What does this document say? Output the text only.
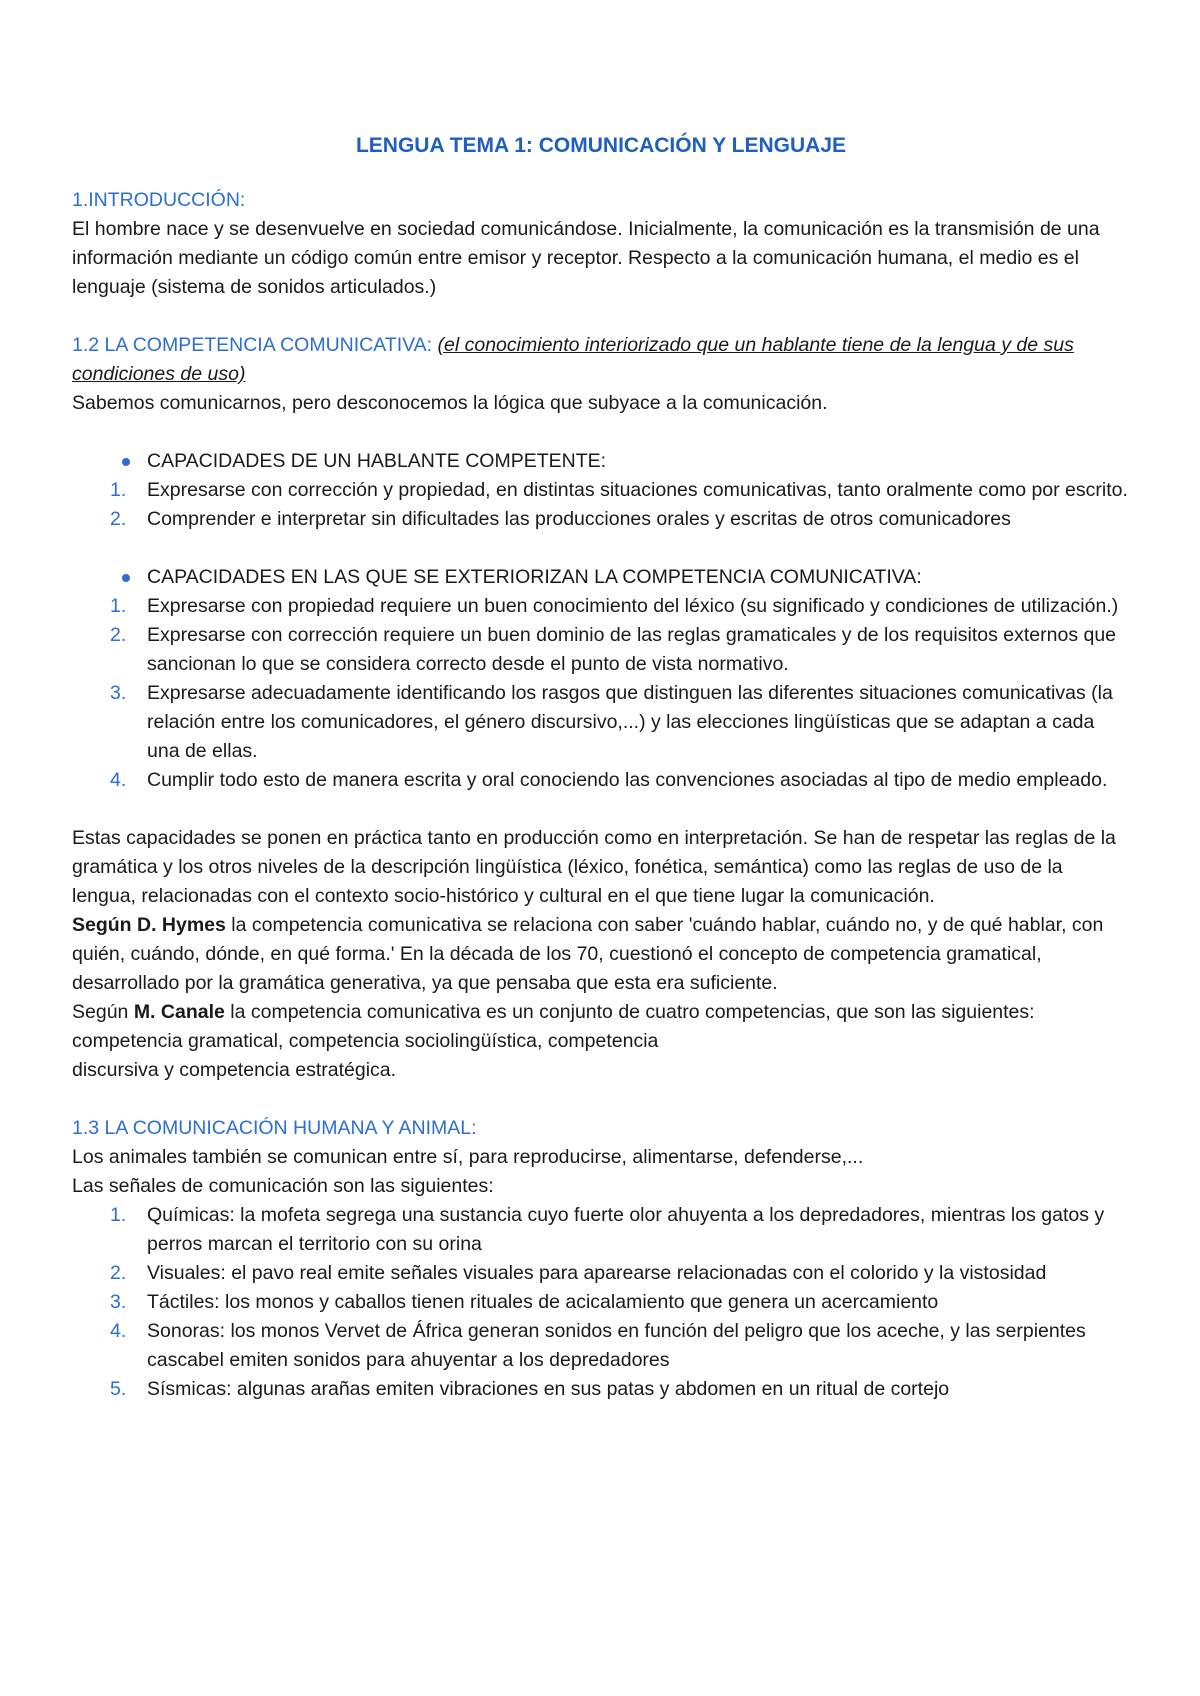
LENGUA TEMA 1: COMUNICACIÓN Y LENGUAJE

1.INTRODUCCIÓN:

El hombre nace y se desenvuelve en sociedad comunicándose. Inicialmente, la comunicación es la transmisión de una información mediante un código común entre emisor y receptor. Respecto a la comunicación humana, el medio es el lenguaje (sistema de sonidos articulados.)

1.2 LA COMPETENCIA COMUNICATIVA: (el conocimiento interiorizado que un hablante tiene de la lengua y de sus condiciones de uso)

Sabemos comunicarnos, pero desconocemos la lógica que subyace a la comunicación.

CAPACIDADES DE UN HABLANTE COMPETENTE:
1. Expresarse con corrección y propiedad, en distintas situaciones comunicativas, tanto oralmente como por escrito.
2. Comprender e interpretar sin dificultades las producciones orales y escritas de otros comunicadores
CAPACIDADES EN LAS QUE SE EXTERIORIZAN LA COMPETENCIA COMUNICATIVA:
1. Expresarse con propiedad requiere un buen conocimiento del léxico (su significado y condiciones de utilización.)
2. Expresarse con corrección requiere un buen dominio de las reglas gramaticales y de los requisitos externos que sancionan lo que se considera correcto desde el punto de vista normativo.
3. Expresarse adecuadamente identificando los rasgos que distinguen las diferentes situaciones comunicativas (la relación entre los comunicadores, el género discursivo,...) y las elecciones lingüísticas que se adaptan a cada una de ellas.
4. Cumplir todo esto de manera escrita y oral conociendo las convenciones asociadas al tipo de medio empleado.

Estas capacidades se ponen en práctica tanto en producción como en interpretación. Se han de respetar las reglas de la gramática y los otros niveles de la descripción lingüística (léxico, fonética, semántica) como las reglas de uso de la lengua, relacionadas con el contexto socio-histórico y cultural en el que tiene lugar la comunicación.

Según D. Hymes la competencia comunicativa se relaciona con saber 'cuándo hablar, cuándo no, y de qué hablar, con quién, cuándo, dónde, en qué forma.' En la década de los 70, cuestionó el concepto de competencia gramatical, desarrollado por la gramática generativa, ya que pensaba que esta era suficiente.

Según M. Canale la competencia comunicativa es un conjunto de cuatro competencias, que son las siguientes: competencia gramatical, competencia sociolingüística, competencia
discursiva y competencia estratégica.

1.3 LA COMUNICACIÓN HUMANA Y ANIMAL:

Los animales también se comunican entre sí, para reproducirse, alimentarse, defenderse,...

Las señales de comunicación son las siguientes:

1. Químicas: la mofeta segrega una sustancia cuyo fuerte olor ahuyenta a los depredadores, mientras los gatos y perros marcan el territorio con su orina
2. Visuales: el pavo real emite señales visuales para aparearse relacionadas con el colorido y la vistosidad
3. Táctiles: los monos y caballos tienen rituales de acicalamiento que genera un acercamiento
4. Sonoras: los monos Vervet de África generan sonidos en función del peligro que los aceche, y las serpientes cascabel emiten sonidos para ahuyentar a los depredadores
5. Sísmicas: algunas arañas emiten vibraciones en sus patas y abdomen en un ritual de cortejo
